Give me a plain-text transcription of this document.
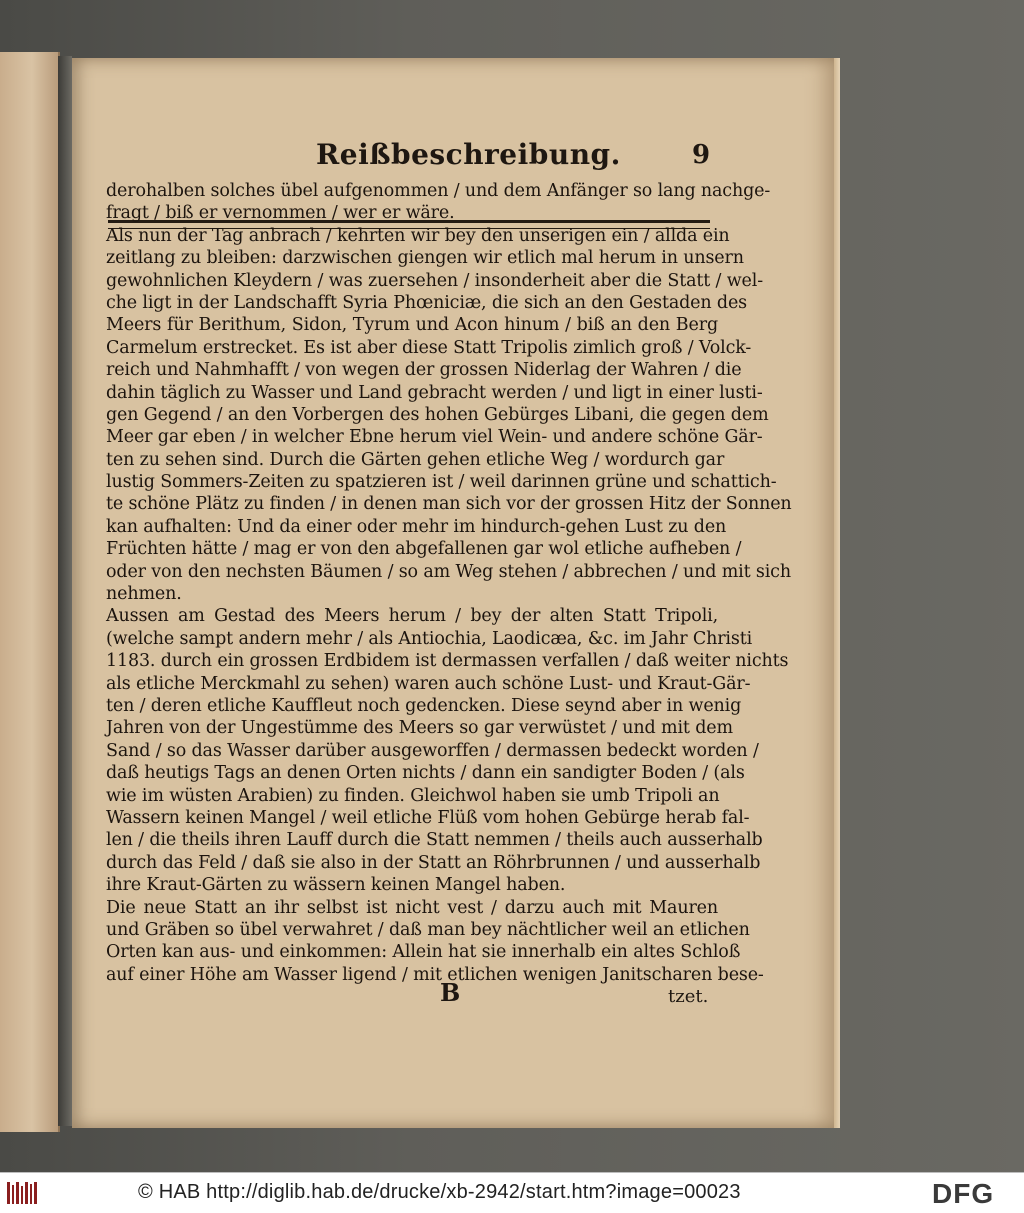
Reißbeschreibung.	9
derohalben solches übel aufgenommen / und dem Anfänger so lang nachge-
fragt / biß er vernommen / wer er wäre.
Als nun der Tag anbrach / kehrten wir bey den unserigen ein / allda ein
zeitlang zu bleiben: darzwischen giengen wir etlich mal herum in unsern
gewohnlichen Kleydern / was zuersehen / insonderheit aber die Statt / wel-
che ligt in der Landschafft Syria Phœniciæ, die sich an den Gestaden des
Meers für Berithum, Sidon, Tyrum und Acon hinum / biß an den Berg
Carmelum erstrecket. Es ist aber diese Statt Tripolis zimlich groß / Volck-
reich und Nahmhafft / von wegen der grossen Niderlag der Wahren / die
dahin täglich zu Wasser und Land gebracht werden / und ligt in einer lusti-
gen Gegend / an den Vorbergen des hohen Gebürges Libani, die gegen dem
Meer gar eben / in welcher Ebne herum viel Wein- und andere schöne Gär-
ten zu sehen sind. Durch die Gärten gehen etliche Weg / wordurch gar
lustig Sommers-Zeiten zu spatzieren ist / weil darinnen grüne und schattich-
te schöne Plätz zu finden / in denen man sich vor der grossen Hitz der Sonnen
kan aufhalten: Und da einer oder mehr im hindurch-gehen Lust zu den
Früchten hätte / mag er von den abgefallenen gar wol etliche aufheben /
oder von den nechsten Bäumen / so am Weg stehen / abbrechen / und mit sich
nehmen.
Aussen am Gestad des Meers herum / bey der alten Statt Tripoli,
(welche sampt andern mehr / als Antiochia, Laodicæa, &c. im Jahr Christi
1183. durch ein grossen Erdbidem ist dermassen verfallen / daß weiter nichts
als etliche Merckmahl zu sehen) waren auch schöne Lust- und Kraut-Gär-
ten / deren etliche Kauffleut noch gedencken. Diese seynd aber in wenig
Jahren von der Ungestümme des Meers so gar verwüstet / und mit dem
Sand / so das Wasser darüber ausgeworffen / dermassen bedeckt worden /
daß heutigs Tags an denen Orten nichts / dann ein sandigter Boden / (als
wie im wüsten Arabien) zu finden. Gleichwol haben sie umb Tripoli an
Wassern keinen Mangel / weil etliche Flüß vom hohen Gebürge herab fal-
len / die theils ihren Lauff durch die Statt nemmen / theils auch ausserhalb
durch das Feld / daß sie also in der Statt an Röhrbrunnen / und ausserhalb
ihre Kraut-Gärten zu wässern keinen Mangel haben.
Die neue Statt an ihr selbst ist nicht vest / darzu auch mit Mauren
und Gräben so übel verwahret / daß man bey nächtlicher weil an etlichen
Orten kan aus- und einkommen: Allein hat sie innerhalb ein altes Schloß
auf einer Höhe am Wasser ligend / mit etlichen wenigen Janitscharen bese-
B	tzet.
© HAB http://diglib.hab.de/drucke/xb-2942/start.htm?image=00023	DFG
